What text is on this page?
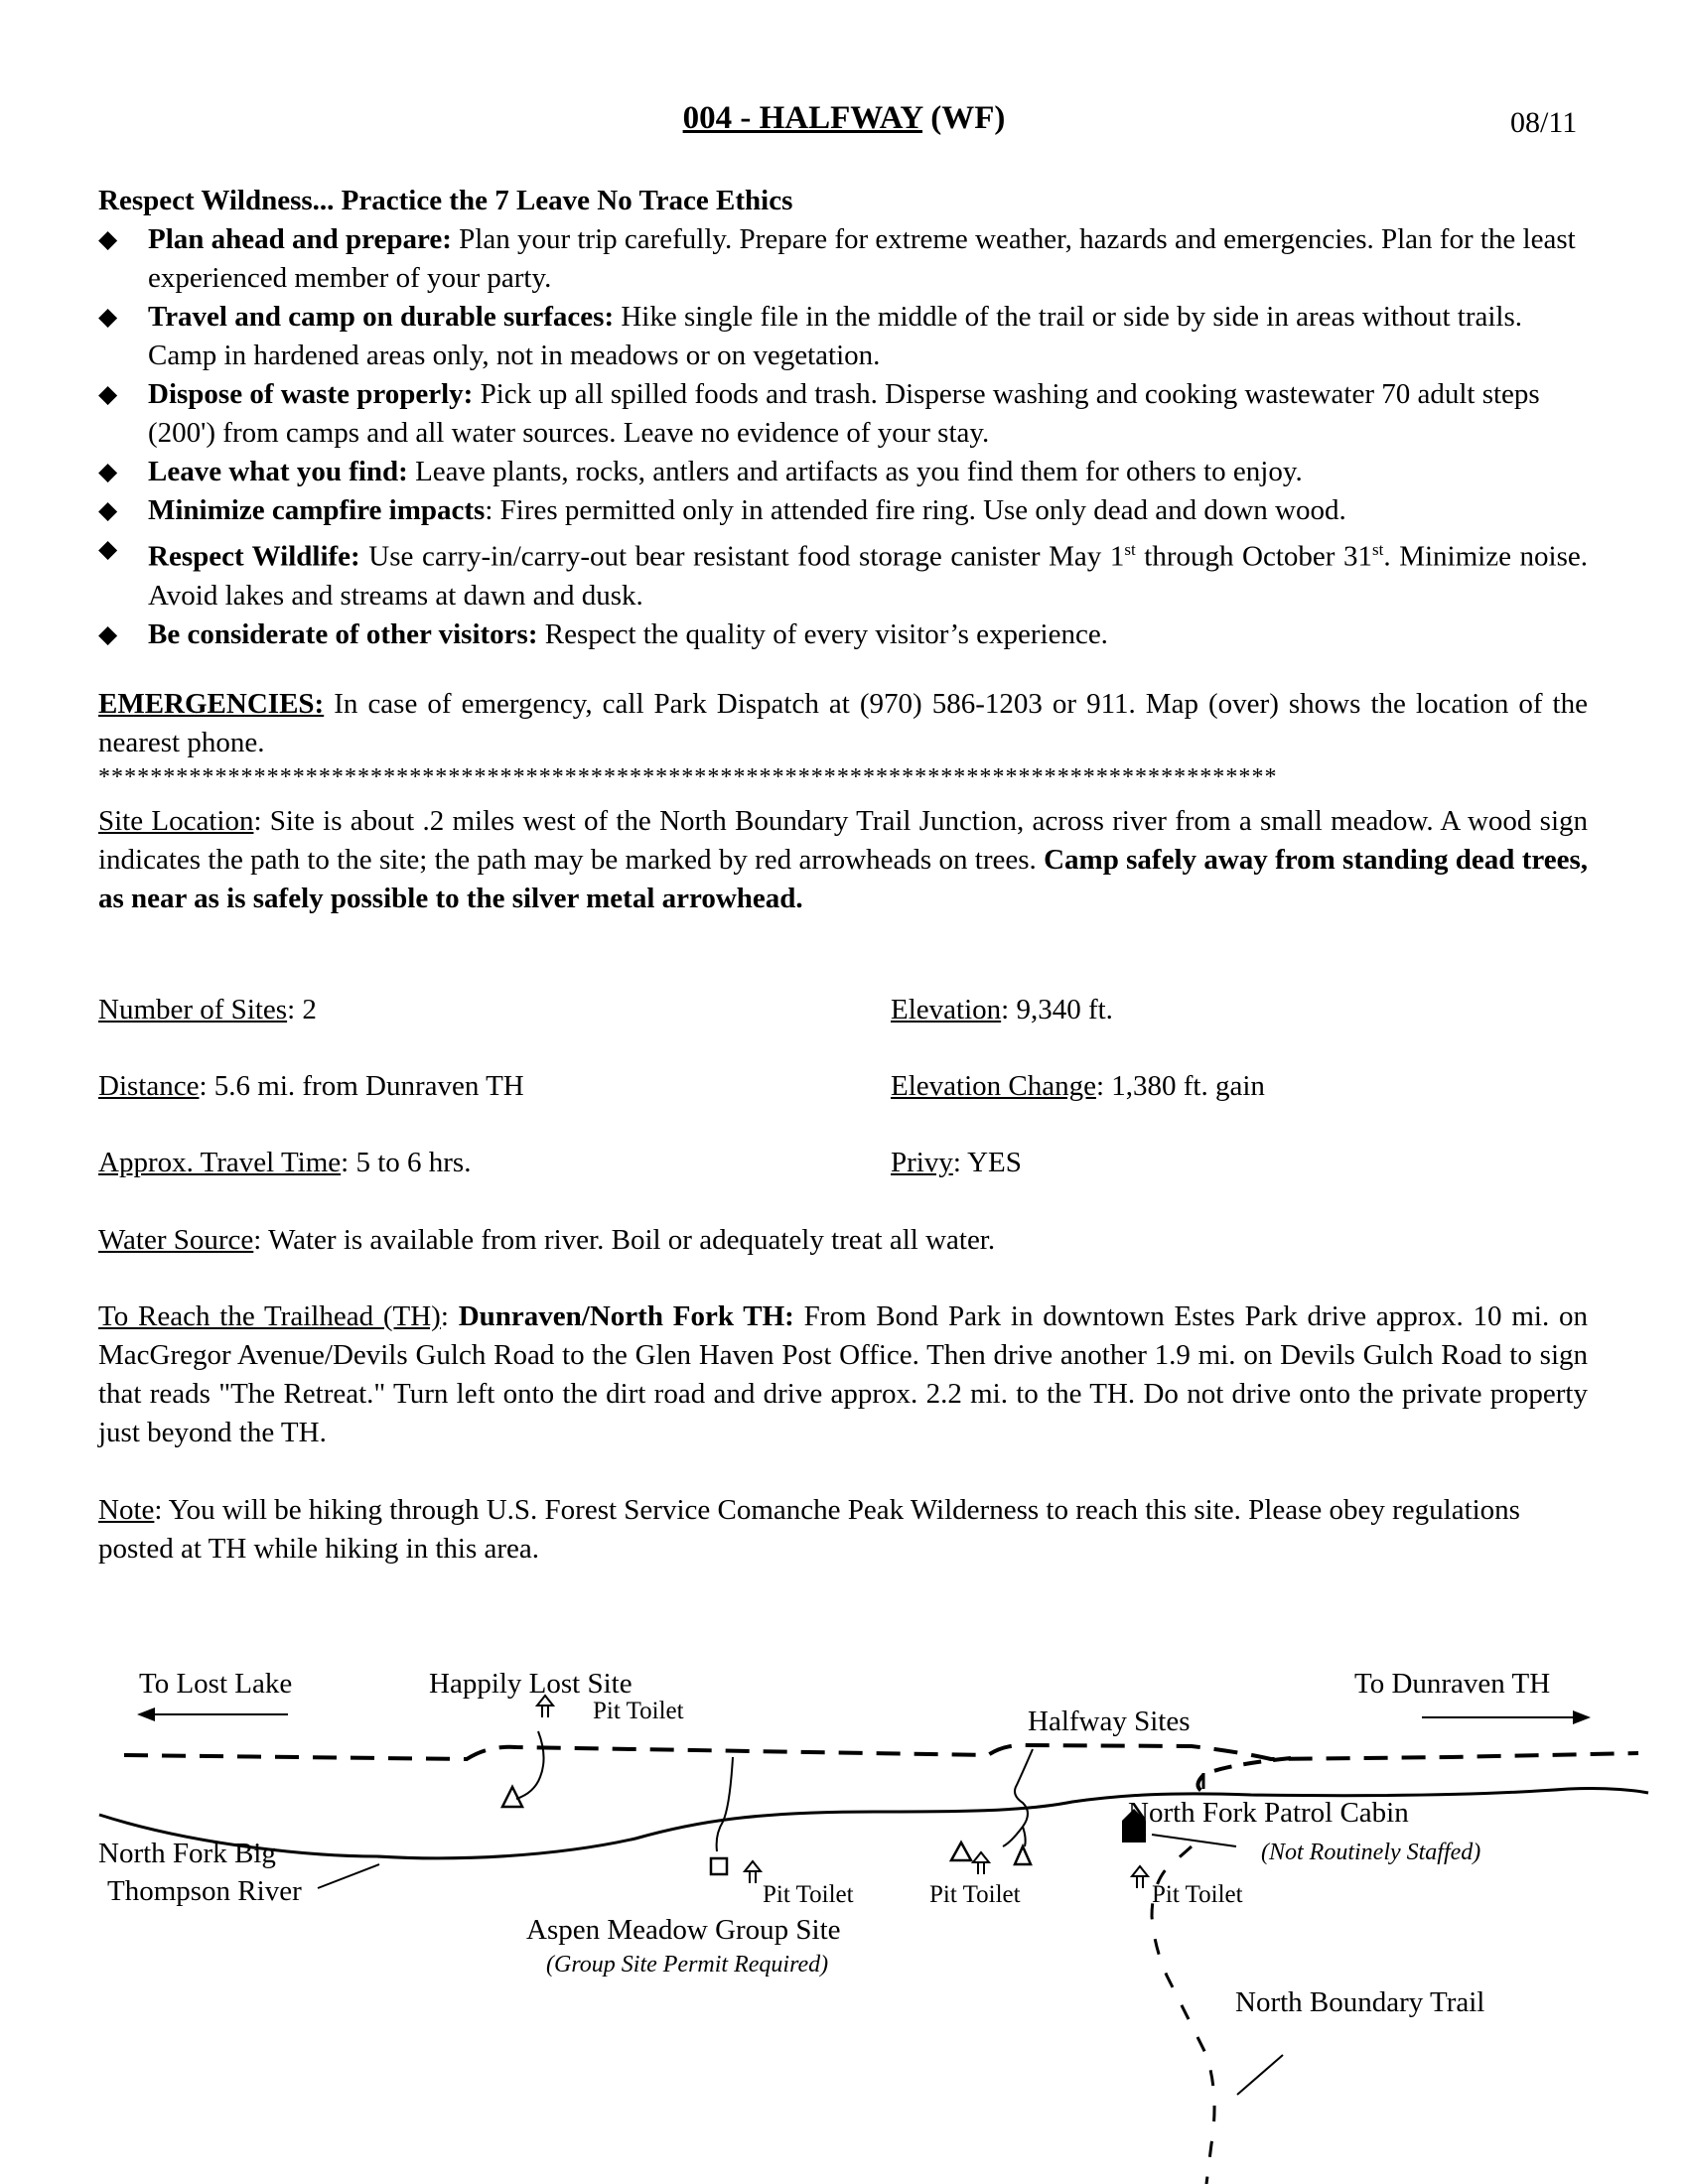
004 - HALFWAY (WF)	08/11

Respect Wildness... Practice the 7 Leave No Trace Ethics

◆ Plan ahead and prepare: Plan your trip carefully. Prepare for extreme weather, hazards and emergencies. Plan for the least experienced member of your party.
◆ Travel and camp on durable surfaces: Hike single file in the middle of the trail or side by side in areas without trails. Camp in hardened areas only, not in meadows or on vegetation.
◆ Dispose of waste properly: Pick up all spilled foods and trash. Disperse washing and cooking wastewater 70 adult steps (200') from camps and all water sources. Leave no evidence of your stay.
◆ Leave what you find: Leave plants, rocks, antlers and artifacts as you find them for others to enjoy.
◆ Minimize campfire impacts: Fires permitted only in attended fire ring. Use only dead and down wood.
◆ Respect Wildlife: Use carry-in/carry-out bear resistant food storage canister May 1st through October 31st. Minimize noise. Avoid lakes and streams at dawn and dusk.
◆ Be considerate of other visitors: Respect the quality of every visitor’s experience.
EMERGENCIES: In case of emergency, call Park Dispatch at (970) 586-1203 or 911. Map (over) shows the location of the nearest phone.
*******************************************************************************************
Site Location: Site is about .2 miles west of the North Boundary Trail Junction, across river from a small meadow. A wood sign indicates the path to the site; the path may be marked by red arrowheads on trees. Camp safely away from standing dead trees, as near as is safely possible to the silver metal arrowhead.
Number of Sites: 2	Elevation: 9,340 ft.
Distance: 5.6 mi. from Dunraven TH	Elevation Change: 1,380 ft. gain
Approx. Travel Time: 5 to 6 hrs.	Privy: YES
Water Source: Water is available from river. Boil or adequately treat all water.
To Reach the Trailhead (TH): Dunraven/North Fork TH: From Bond Park in downtown Estes Park drive approx. 10 mi. on MacGregor Avenue/Devils Gulch Road to the Glen Haven Post Office. Then drive another 1.9 mi. on Devils Gulch Road to sign that reads "The Retreat." Turn left onto the dirt road and drive approx. 2.2 mi. to the TH. Do not drive onto the private property just beyond the TH.
Note: You will be hiking through U.S. Forest Service Comanche Peak Wilderness to reach this site. Please obey regulations posted at TH while hiking in this area.
To Lost Lake	Happily Lost Site
Pit Toilet	Halfway Sites
To Dunraven TH
North Fork Big
Thompson River
North Fork Patrol Cabin
(Not Routinely Staffed)
Pit Toilet	Pit Toilet	Pit Toilet
Aspen Meadow Group Site
(Group Site Permit Required)
North Boundary Trail
